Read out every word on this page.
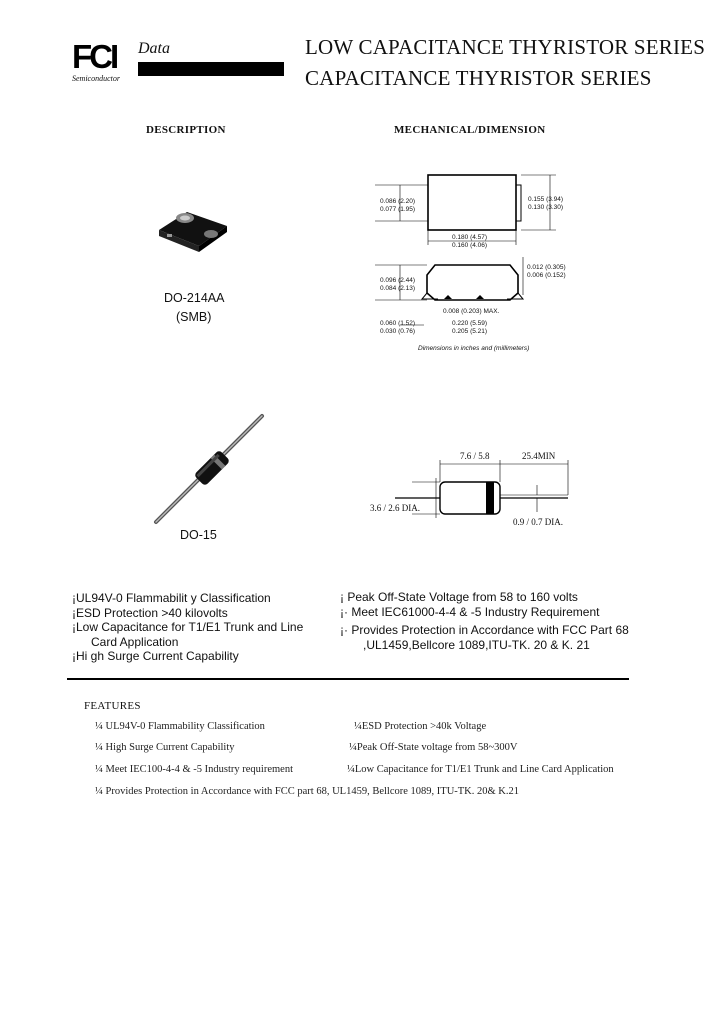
FCI
Semiconductor
Data	LOW CAPACITANCE THYRISTOR SERIES
CAPACITANCE THYRISTOR SERIES
DESCRIPTION	MECHANICAL/DIMENSION
DO-214AA
(SMB)
0.086 (2.20)
0.077 (1.95)
0.155 (3.94)
0.130 (3.30)
0.180 (4.57)
0.160 (4.06)
0.096 (2.44)
0.084 (2.13)
0.012 (0.305)
0.006 (0.152)
0.008 (0.203) MAX.
0.060 (1.52)
0.030 (0.76)
0.220 (5.59)
0.205 (5.21)
Dimensions in inches and (millimeters)
DO-15
7.6 / 5.8	25.4MIN
3.6 / 2.6 DIA.
0.9 / 0.7 DIA.
¡UL94V-0 Flammabilit y Classification
¡ESD Protection >40 kilovolts
¡Low Capacitance for T1/E1 Trunk and Line
Card Application
¡Hi gh Surge Current Capability
¡ Peak Off-State Voltage from 58 to 160 volts
¡· Meet IEC61000-4-4 & -5 Industry Requirement
¡· Provides Protection in Accordance with FCC Part 68
,UL1459,Bellcore 1089,ITU-TK. 20 & K. 21
FEATURES
¼ UL94V-0 Flammability Classification	¼ESD Protection >40k Voltage
¼ High Surge Current Capability	¼Peak Off-State voltage from 58~300V
¼ Meet IEC100-4-4 & -5 Industry requirement	¼Low Capacitance for T1/E1 Trunk and Line Card Application
¼ Provides Protection in Accordance with FCC part 68, UL1459, Bellcore 1089, ITU-TK. 20& K.21
